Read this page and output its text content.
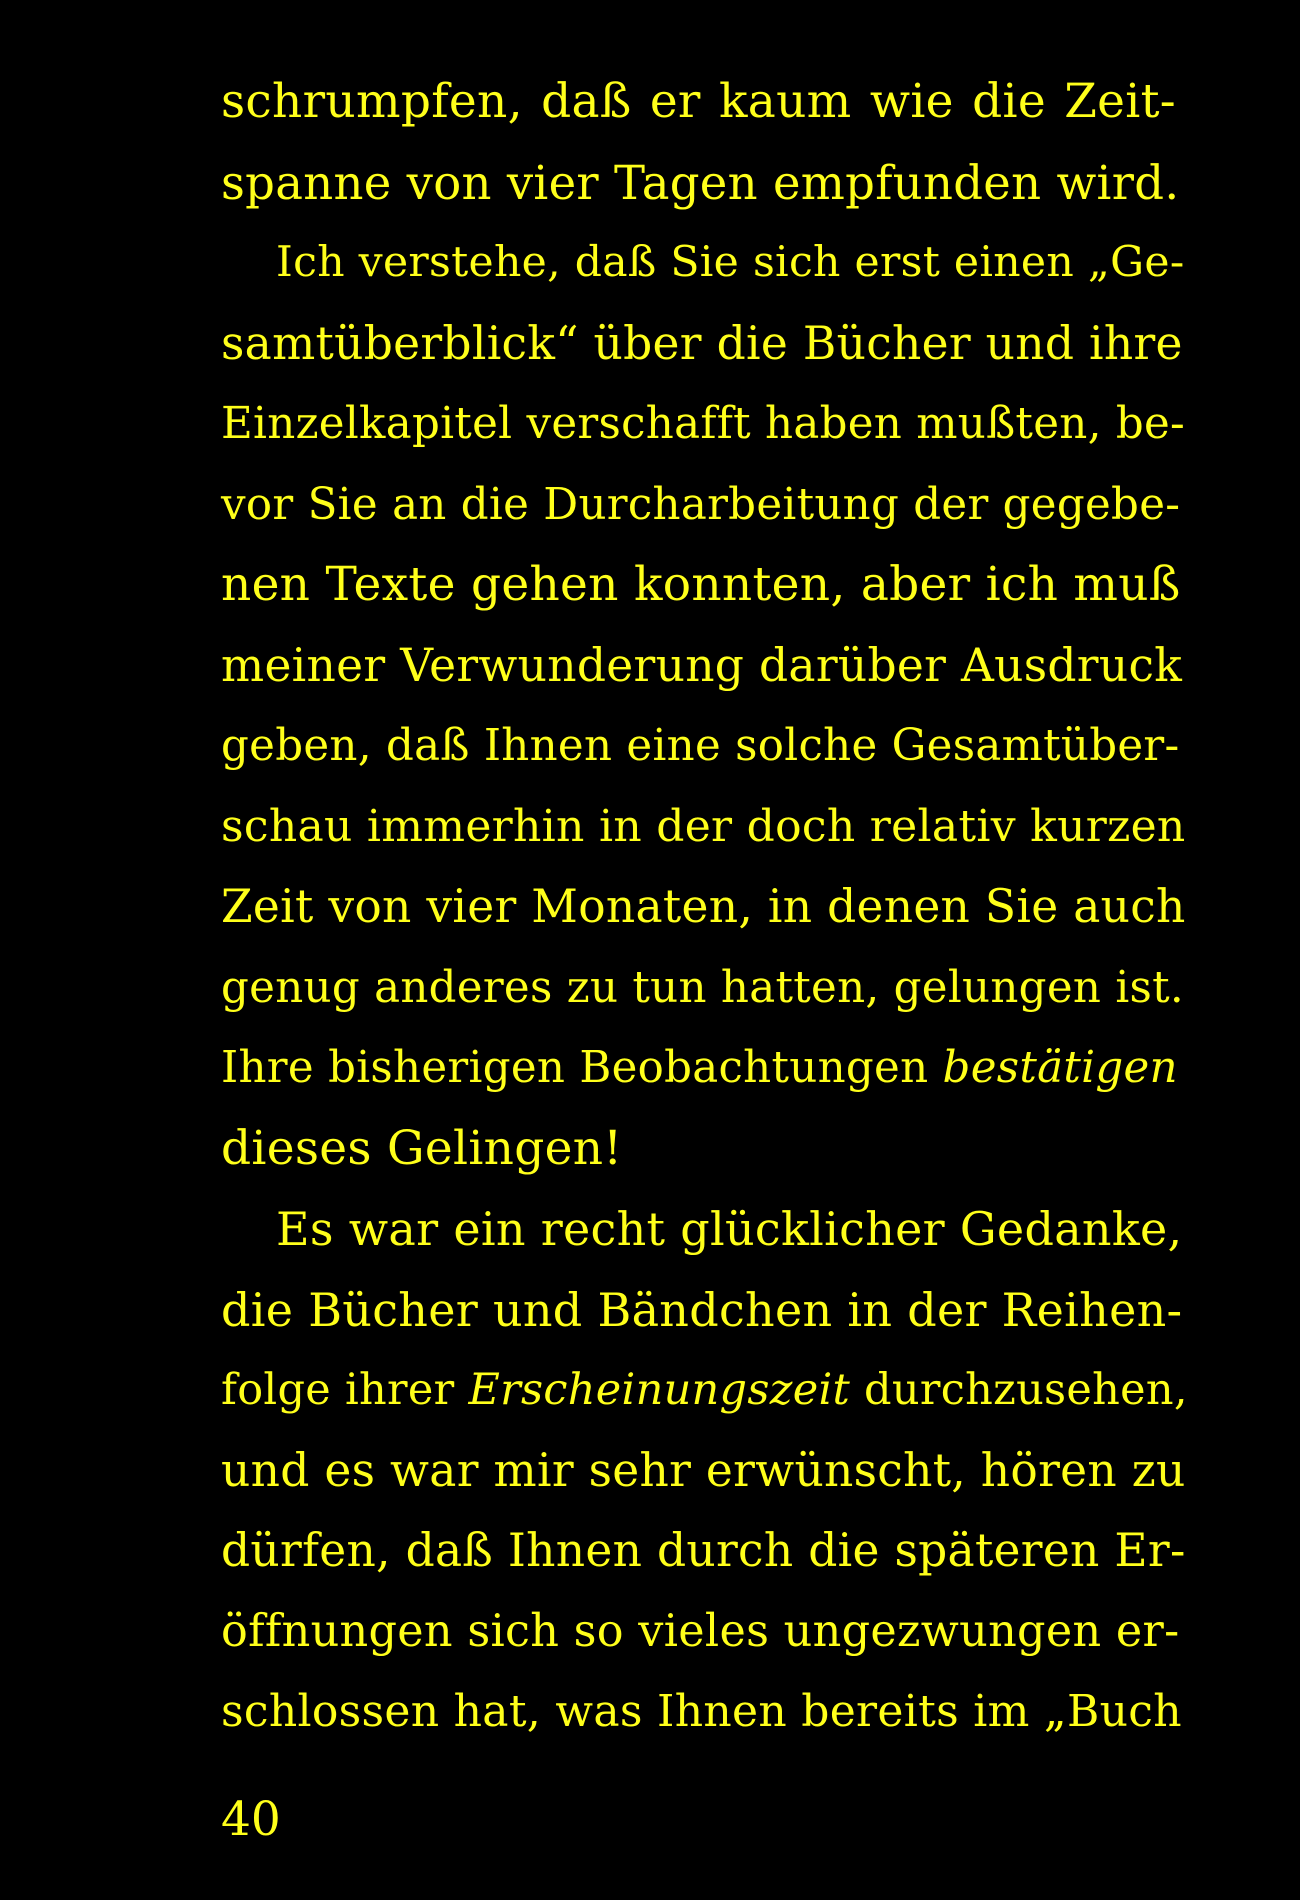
schrumpfen, daß er kaum wie die Zeit-
spanne von vier Tagen empfunden wird.
Ich verstehe, daß Sie sich erst einen „Ge-
samtüberblick“ über die Bücher und ihre
Einzelkapitel verschafft haben mußten, be-
vor Sie an die Durcharbeitung der gegebe-
nen Texte gehen konnten, aber ich muß
meiner Verwunderung darüber Ausdruck
geben, daß Ihnen eine solche Gesamtüber-
schau immerhin in der doch relativ kurzen
Zeit von vier Monaten, in denen Sie auch
genug anderes zu tun hatten, gelungen ist.
Ihre bisherigen Beobachtungen bestätigen
dieses Gelingen!
Es war ein recht glücklicher Gedanke,
die Bücher und Bändchen in der Reihen-
folge ihrer Erscheinungszeit durchzusehen,
und es war mir sehr erwünscht, hören zu
dürfen, daß Ihnen durch die späteren Er-
öffnungen sich so vieles ungezwungen er-
schlossen hat, was Ihnen bereits im „Buch
40
